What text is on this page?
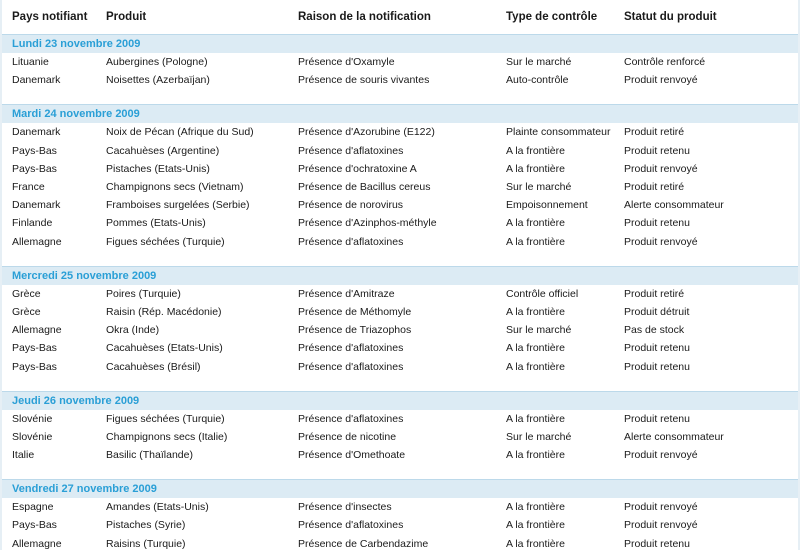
Pays notifiant	Produit	Raison de la notification	Type de contrôle	Statut du produit
Lundi 23 novembre 2009				
Lituanie	Aubergines (Pologne)	Présence d'Oxamyle	Sur le marché	Contrôle renforcé
Danemark	Noisettes (Azerbaïjan)	Présence de souris vivantes	Auto-contrôle	Produit renvoyé

Mardi 24 novembre 2009				
Danemark	Noix de Pécan (Afrique du Sud)	Présence d'Azorubine (E122)	Plainte consommateur	Produit retiré
Pays-Bas	Cacahuèses (Argentine)	Présence d'aflatoxines	A la frontière	Produit retenu
Pays-Bas	Pistaches (Etats-Unis)	Présence d'ochratoxine A	A la frontière	Produit renvoyé
France	Champignons secs (Vietnam)	Présence de Bacillus cereus	Sur le marché	Produit retiré
Danemark	Framboises surgelées (Serbie)	Présence de norovirus	Empoisonnement	Alerte consommateur
Finlande	Pommes (Etats-Unis)	Présence d'Azinphos-méthyle	A la frontière	Produit retenu
Allemagne	Figues séchées (Turquie)	Présence d'aflatoxines	A la frontière	Produit renvoyé

Mercredi 25 novembre 2009				
Grèce	Poires (Turquie)	Présence d'Amitraze	Contrôle officiel	Produit retiré
Grèce	Raisin (Rép. Macédonie)	Présence de Méthomyle	A la frontière	Produit détruit
Allemagne	Okra (Inde)	Présence de Triazophos	Sur le marché	Pas de stock
Pays-Bas	Cacahuèses (Etats-Unis)	Présence d'aflatoxines	A la frontière	Produit retenu
Pays-Bas	Cacahuèses (Brésil)	Présence d'aflatoxines	A la frontière	Produit retenu

Jeudi 26 novembre 2009				
Slovénie	Figues séchées (Turquie)	Présence d'aflatoxines	A la frontière	Produit retenu
Slovénie	Champignons secs (Italie)	Présence de nicotine	Sur le marché	Alerte consommateur
Italie	Basilic (Thaïlande)	Présence d'Omethoate	A la frontière	Produit renvoyé

Vendredi 27 novembre 2009				
Espagne	Amandes (Etats-Unis)	Présence d'insectes	A la frontière	Produit renvoyé
Pays-Bas	Pistaches (Syrie)	Présence d'aflatoxines	A la frontière	Produit renvoyé
Allemagne	Raisins (Turquie)	Présence de Carbendazime	A la frontière	Produit retenu
